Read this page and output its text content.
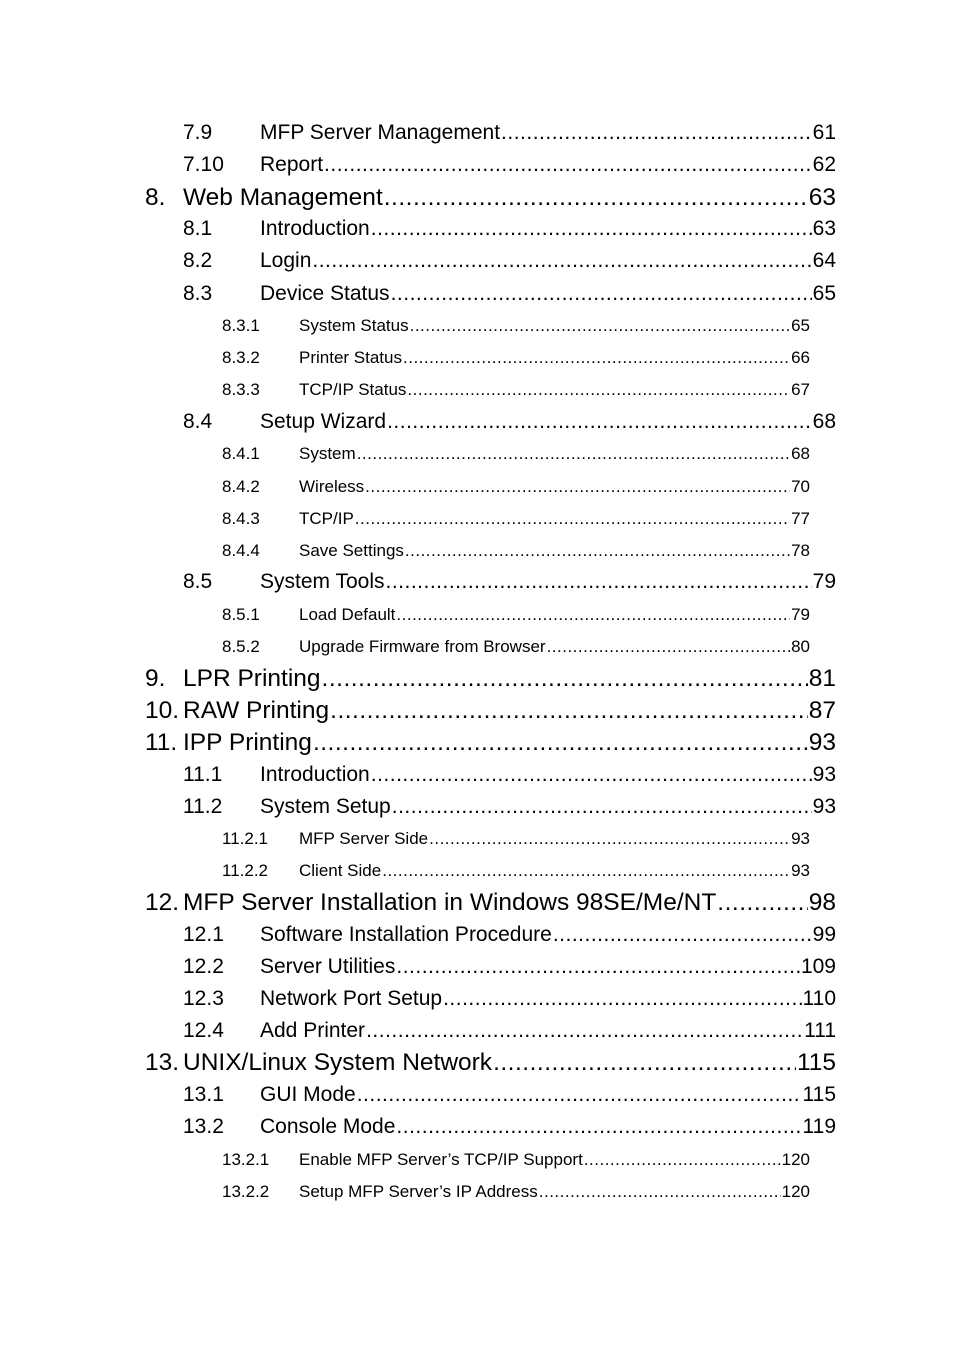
7.9	MFP Server Management .....	61
7.10	Report .....	62
8. Web Management .....	63
8.1	Introduction .....	63
8.2	Login .....	64
8.3	Device Status .....	65
8.3.1	System Status .....	65
8.3.2	Printer Status .....	66
8.3.3	TCP/IP Status .....	67
8.4	Setup Wizard .....	68
8.4.1	System .....	68
8.4.2	Wireless .....	70
8.4.3	TCP/IP .....	77
8.4.4	Save Settings .....	78
8.5	System Tools .....	79
8.5.1	Load Default .....	79
8.5.2	Upgrade Firmware from Browser .....	80
9. LPR Printing .....	81
10. RAW Printing .....	87
11. IPP Printing .....	93
11.1	Introduction .....	93
11.2	System Setup .....	93
11.2.1	MFP Server Side .....	93
11.2.2	Client Side .....	93
12. MFP Server Installation in Windows 98SE/Me/NT .....	98
12.1	Software Installation Procedure .....	99
12.2	Server Utilities .....	109
12.3	Network Port Setup .....	110
12.4	Add Printer .....	111
13. UNIX/Linux System Network .....	115
13.1	GUI Mode .....	115
13.2	Console Mode .....	119
13.2.1	Enable MFP Server’s TCP/IP Support .....	120
13.2.2	Setup MFP Server’s IP Address .....	120
